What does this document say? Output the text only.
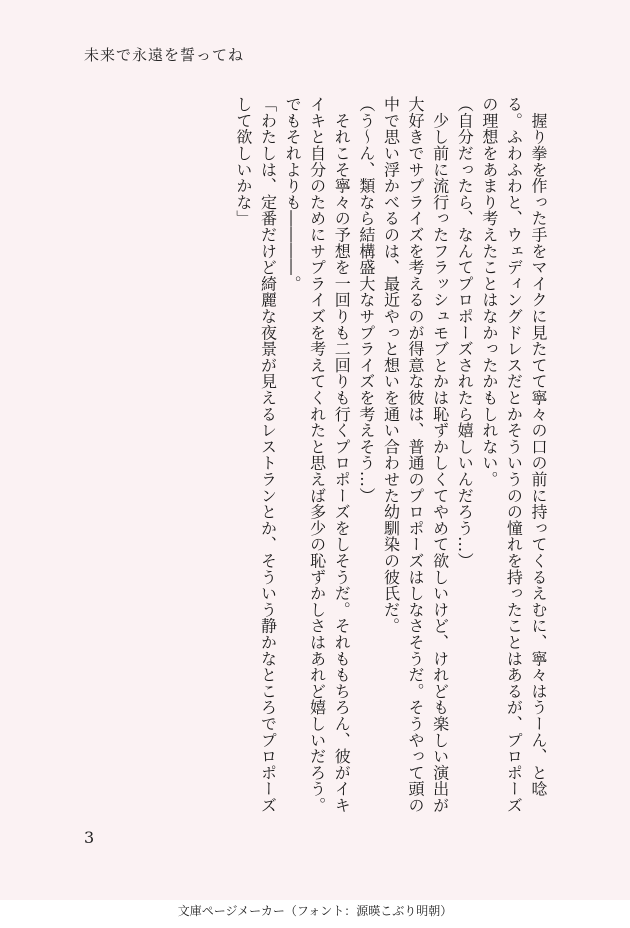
未来で永遠を誓ってね

　握り拳を作った手をマイクに見たてて寧々の口の前に持ってくるえむに、寧々はうーん、と唸る。ふわふわと、ウェディングドレスだとかそういうのの憧れを持ったことはあるが、プロポーズの理想をあまり考えたことはなかったかもしれない。

（自分だったら、なんてプロポーズされたら嬉しいんだろう…）

　少し前に流行ったフラッシュモブとかは恥ずかしくてやめて欲しいけど、けれども楽しい演出が大好きでサプライズを考えるのが得意な彼は、普通のプロポーズはしなさそうだ。そうやって頭の中で思い浮かべるのは、最近やっと想いを通い合わせた幼馴染の彼氏だ。

（う〜ん、類なら結構盛大なサプライズを考えそう…）

　それこそ寧々の予想を一回りも二回りも行くプロポーズをしそうだ。それももちろん、彼がイキイキと自分のためにサプライズを考えてくれたと思えば多少の恥ずかしさはあれど嬉しいだろう。でもそれよりも――――。

「わたしは、定番だけど綺麗な夜景が見えるレストランとか、そういう静かなところでプロポーズして欲しいかな」

3
文庫ページメーカー（フォント：源暎こぶり明朝）
